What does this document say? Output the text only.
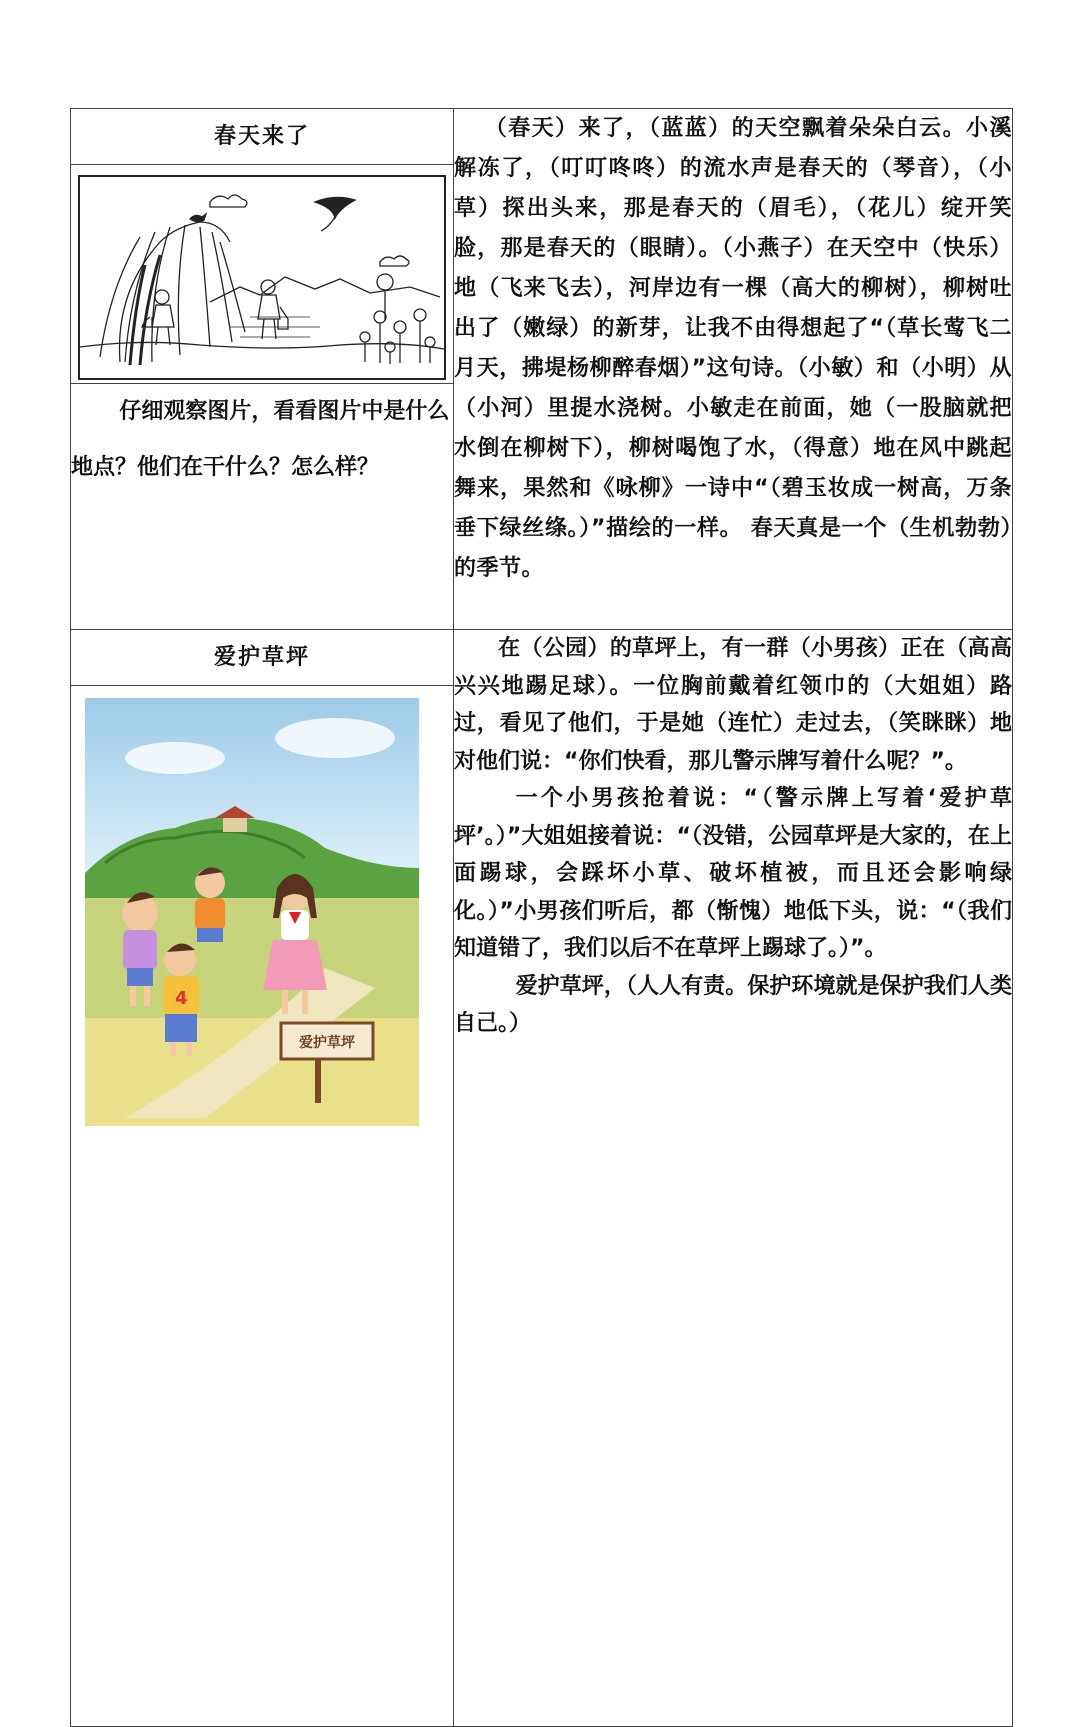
春天来了	（春天）来了，（蓝蓝）的天空飘着朵朵白云。小溪解冻了，（叮叮咚咚）的流水声是春天的（琴音），（小草）探出头来，那是春天的（眉毛），（花儿）绽开笑脸，那是春天的（眼睛）。（小燕子）在天空中（快乐）地（飞来飞去），河岸边有一棵（高大的柳树），柳树吐出了（嫩绿）的新芽，让我不由得想起了“（草长莺飞二月天，拂堤杨柳醉春烟）”这句诗。（小敏）和（小明）从（小河）里提水浇树。小敏走在前面，她（一股脑就把水倒在柳树下），柳树喝饱了水，（得意）地在风中跳起舞来，果然和《咏柳》一诗中“（碧玉妆成一树高，万条垂下绿丝绦。）”描绘的一样。 春天真是一个（生机勃勃）的季节。

仔细观察图片，看看图片中是什么地点？他们在干什么？怎么样？	

爱护草坪	在（公园）的草坪上，有一群（小男孩）正在（高高兴兴地踢足球）。一位胸前戴着红领巾的（大姐姐）路过，看见了他们，于是她（连忙）走过去，（笑眯眯）地对他们说：“你们快看，那儿警示牌写着什么呢？”。

一个小男孩抢着说：“（警示牌上写着‘爱护草坪’。）”大姐姐接着说：“（没错，公园草坪是大家的，在上面踢球，会踩坏小草、破坏植被，而且还会影响绿化。）”小男孩们听后，都（惭愧）地低下头，说：“（我们知道错了，我们以后不在草坪上踢球了。）”。

爱护草坪，（人人有责。保护环境就是保护我们人类自己。）

4
爱护草坪	
